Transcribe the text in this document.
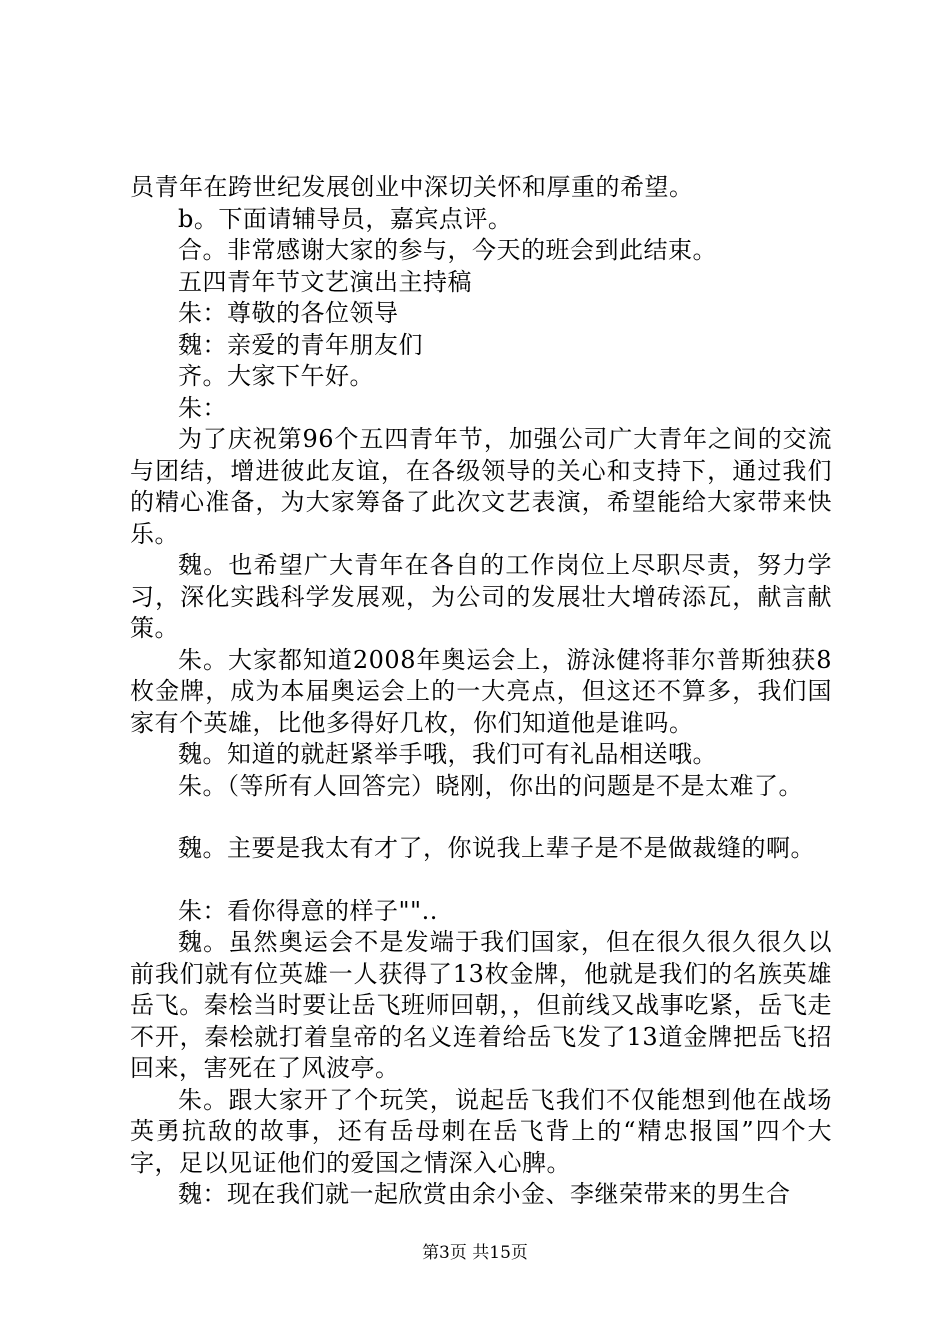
员青年在跨世纪发展创业中深切关怀和厚重的希望。

b。下面请辅导员，嘉宾点评。

合。非常感谢大家的参与，今天的班会到此结束。

五四青年节文艺演出主持稿

朱：尊敬的各位领导

魏：亲爱的青年朋友们

齐。大家下午好。

朱：

为了庆祝第96个五四青年节，加强公司广大青年之间的交流与团结，增进彼此友谊，在各级领导的关心和支持下，通过我们的精心准备，为大家筹备了此次文艺表演，希望能给大家带来快乐。

魏。也希望广大青年在各自的工作岗位上尽职尽责，努力学习，深化实践科学发展观，为公司的发展壮大增砖添瓦，献言献策。

朱。大家都知道2008年奥运会上，游泳健将菲尔普斯独获8枚金牌，成为本届奥运会上的一大亮点，但这还不算多，我们国家有个英雄，比他多得好几枚，你们知道他是谁吗。

魏。知道的就赶紧举手哦，我们可有礼品相送哦。

朱。（等所有人回答完）晓刚，你出的问题是不是太难了。

魏。主要是我太有才了，你说我上辈子是不是做裁缝的啊。

朱：看你得意的样子""..

魏。虽然奥运会不是发端于我们国家，但在很久很久很久以前我们就有位英雄一人获得了13枚金牌，他就是我们的名族英雄岳飞。秦桧当时要让岳飞班师回朝，，但前线又战事吃紧，岳飞走不开，秦桧就打着皇帝的名义连着给岳飞发了13道金牌把岳飞招回来，害死在了风波亭。

朱。跟大家开了个玩笑，说起岳飞我们不仅能想到他在战场英勇抗敌的故事，还有岳母刺在岳飞背上的“精忠报国”四个大字，足以见证他们的爱国之情深入心脾。

魏：现在我们就一起欣赏由余小金、李继荣带来的男生合

第3页 共15页
